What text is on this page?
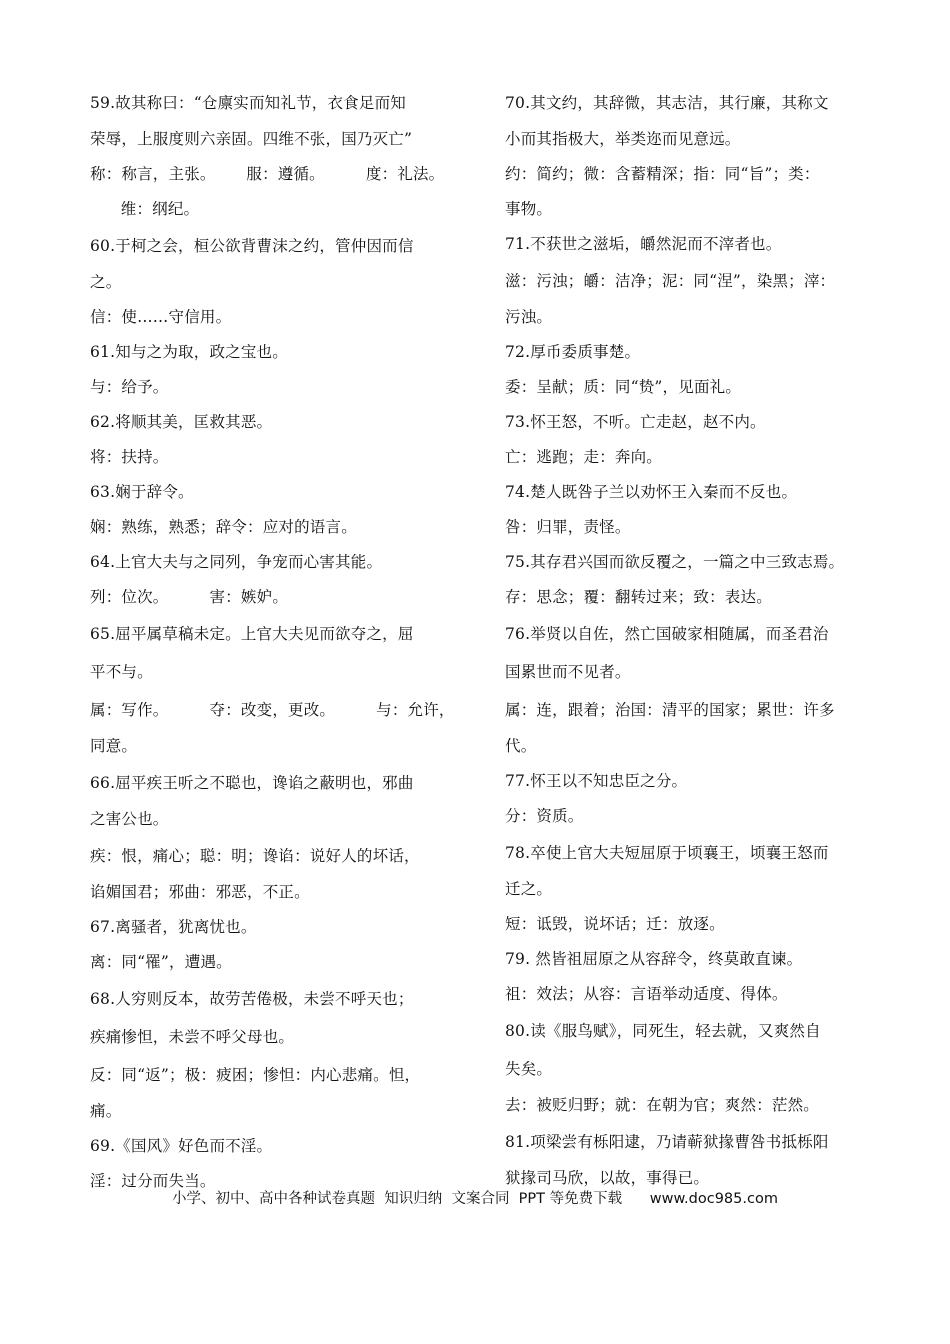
59.故其称曰：“仓廪实而知礼节，衣食足而知
荣辱，上服度则六亲固。四维不张，国乃灭亡”
称：称言，主张。      服：遵循。        度：礼法。
维：纲纪。
60.于柯之会，桓公欲背曹沫之约，管仲因而信
之。
信：使……守信用。
61.知与之为取，政之宝也。
与：给予。
62.将顺其美，匡救其恶。
将：扶持。
63.娴于辞令。
娴：熟练，熟悉；辞令：应对的语言。
64.上官大夫与之同列，争宠而心害其能。
列：位次。        害：嫉妒。
65.屈平属草稿未定。上官大夫见而欲夺之，屈
平不与。
属：写作。        夺：改变，更改。        与：允许，
同意。
66.屈平疾王听之不聪也，谗谄之蔽明也，邪曲
之害公也。
疾：恨，痛心；聪：明；谗谄：说好人的坏话，
谄媚国君；邪曲：邪恶，不正。
67.离骚者，犹离忧也。
离：同“罹”，遭遇。
68.人穷则反本，故劳苦倦极，未尝不呼天也；
疾痛惨怛，未尝不呼父母也。
反：同“返”；极：疲困；惨怛：内心悲痛。怛，
痛。
69.《国风》好色而不淫。
淫：过分而失当。
70.其文约，其辞微，其志洁，其行廉，其称文
小而其指极大，举类迩而见意远。
约：简约；微：含蓄精深；指：同“旨”；类：
事物。
71.不获世之滋垢，皭然泥而不滓者也。
滋：污浊；皭：洁净；泥：同“涅”，染黑；滓：
污浊。
72.厚币委质事楚。
委：呈献；质：同“贽”，见面礼。
73.怀王怒，不听。亡走赵，赵不内。
亡：逃跑；走：奔向。
74.楚人既咎子兰以劝怀王入秦而不反也。
咎：归罪，责怪。
75.其存君兴国而欲反覆之，一篇之中三致志焉。
存：思念；覆：翻转过来；致：表达。
76.举贤以自佐，然亡国破家相随属，而圣君治
国累世而不见者。
属：连，跟着；治国：清平的国家；累世：许多
代。
77.怀王以不知忠臣之分。
分：资质。
78.卒使上官大夫短屈原于顷襄王，顷襄王怒而
迁之。
短：诋毁，说坏话；迁：放逐。
79. 然皆祖屈原之从容辞令，终莫敢直谏。
祖：效法；从容：言语举动适度、得体。
80.读《服鸟赋》，同死生，轻去就，又爽然自
失矣。
去：被贬归野；就：在朝为官；爽然：茫然。
81.项梁尝有栎阳逮，乃请蕲狱掾曹咎书抵栎阳
狱掾司马欣，以故，事得已。
小学、初中、高中各种试卷真题  知识归纳  文案合同  PPT 等免费下载      www.doc985.com
